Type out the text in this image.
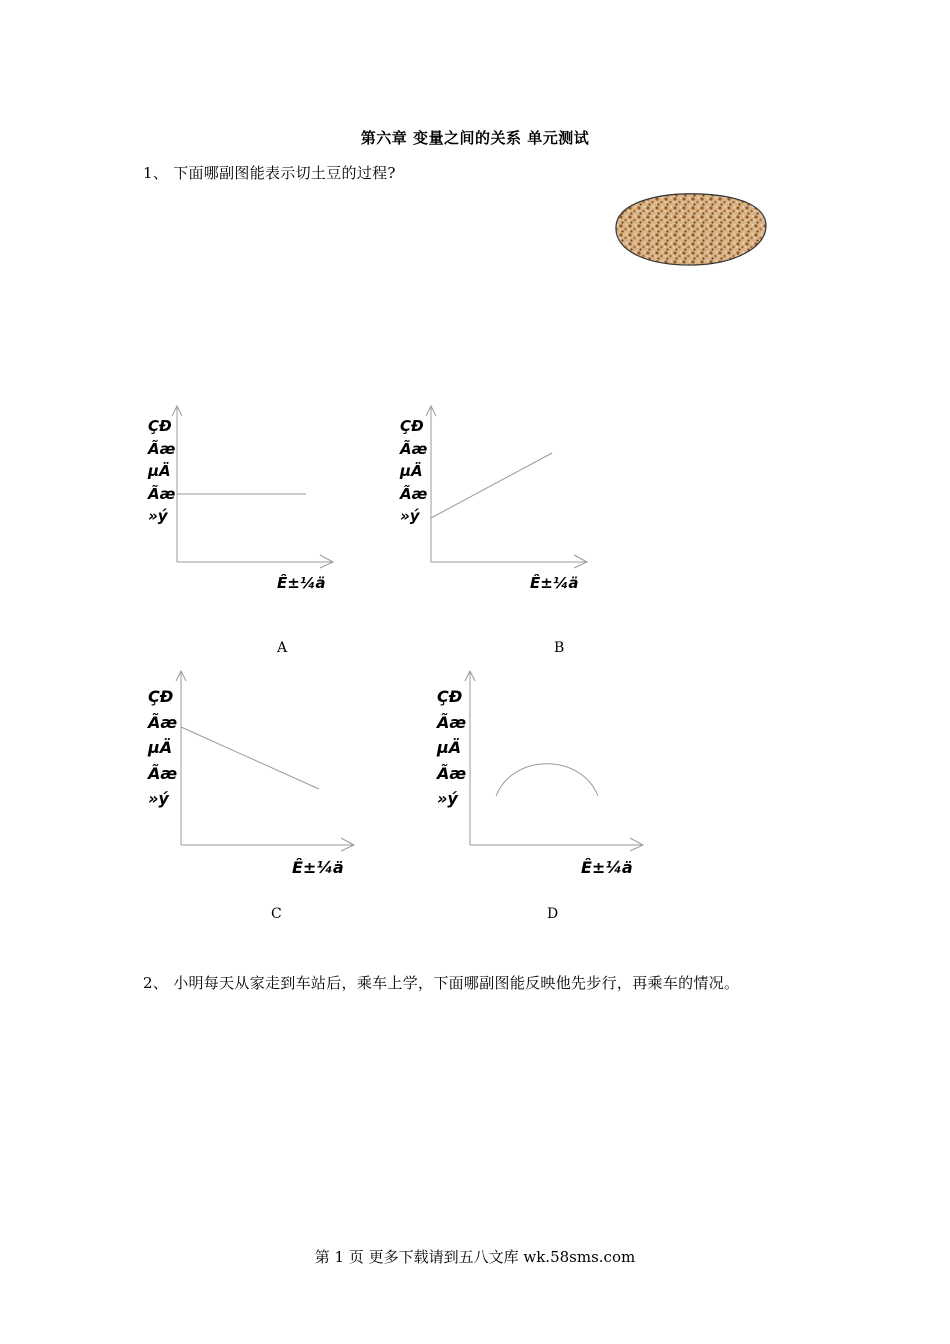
第六章 变量之间的关系 单元测试
1、 下面哪副图能表示切土豆的过程?
ÇÐ
Ãæ
µÄ
Ãæ
»ý
Ê±¼ä
A
ÇÐ
Ãæ
µÄ
Ãæ
»ý
Ê±¼ä
B
ÇÐ
Ãæ
µÄ
Ãæ
»ý
Ê±¼ä
C
ÇÐ
Ãæ
µÄ
Ãæ
»ý
Ê±¼ä
D
2、 小明每天从家走到车站后，乘车上学，下面哪副图能反映他先步行，再乘车的情况。
第 1 页 更多下载请到五八文库 wk.58sms.com
